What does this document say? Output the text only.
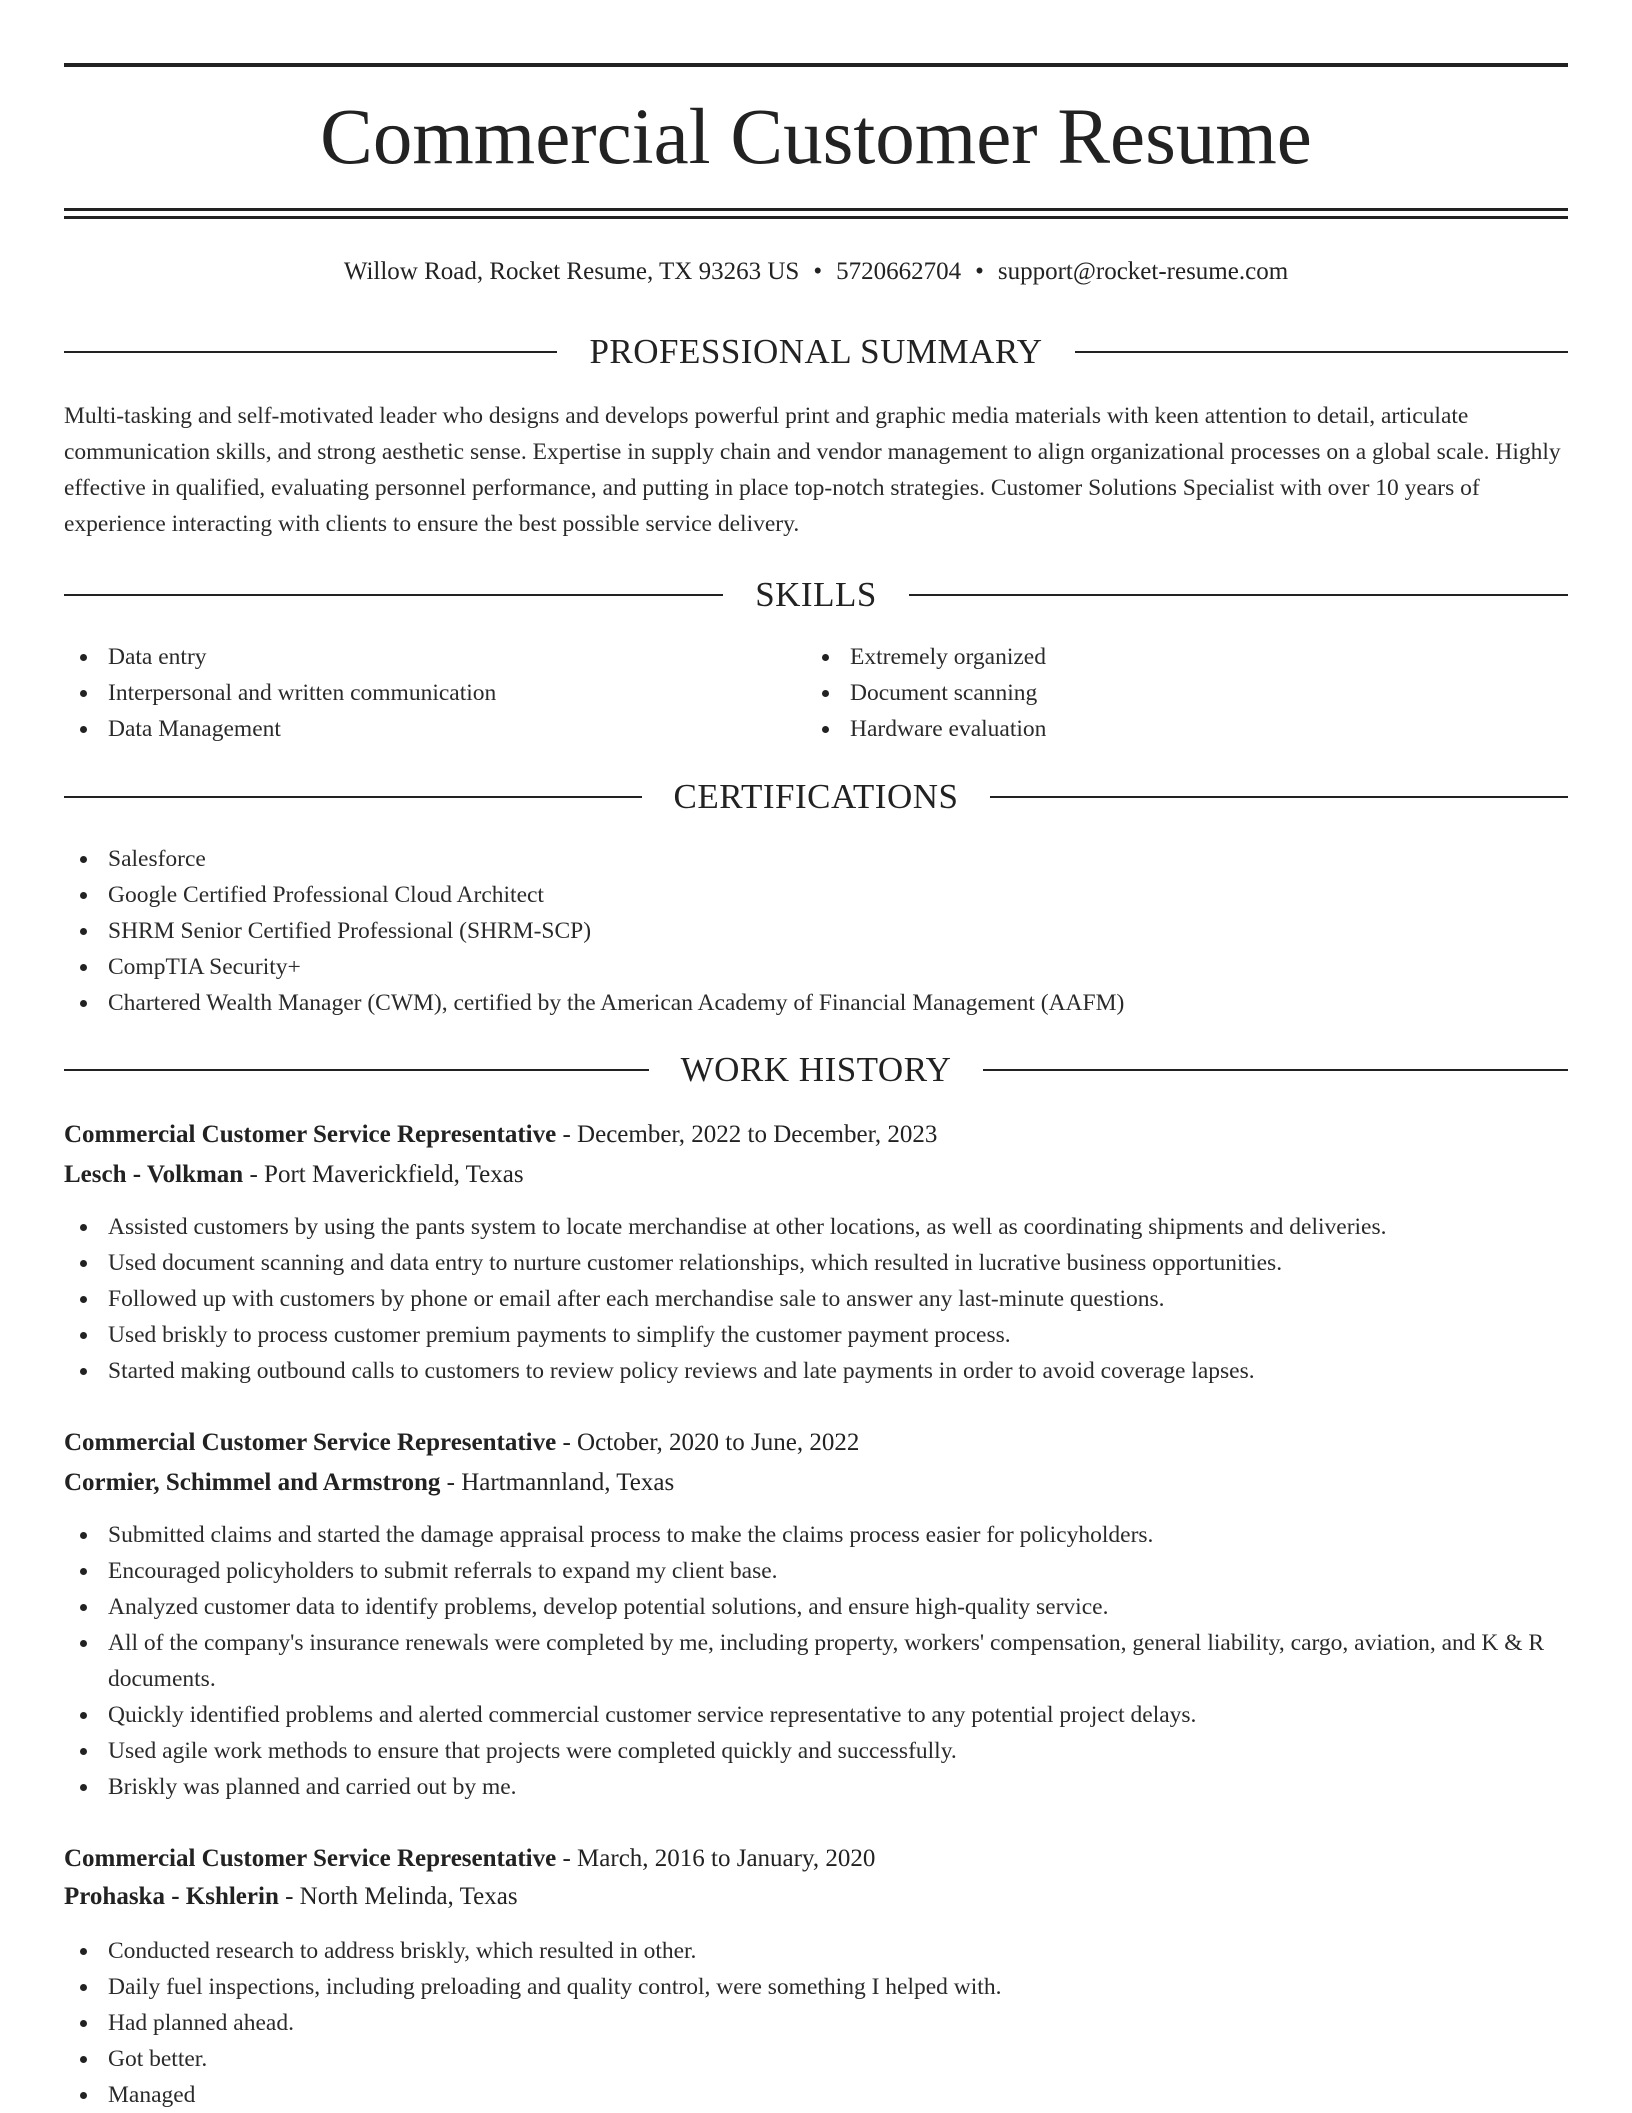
Commercial Customer Resume
Willow Road, Rocket Resume, TX 93263 US • 5720662704 • support@rocket-resume.com
PROFESSIONAL SUMMARY

Multi-tasking and self-motivated leader who designs and develops powerful print and graphic media materials with keen attention to detail, articulate communication skills, and strong aesthetic sense. Expertise in supply chain and vendor management to align organizational processes on a global scale. Highly effective in qualified, evaluating personnel performance, and putting in place top-notch strategies. Customer Solutions Specialist with over 10 years of experience interacting with clients to ensure the best possible service delivery.

SKILLS
Data entry
Interpersonal and written communication
Data Management
Extremely organized
Document scanning
Hardware evaluation
CERTIFICATIONS
Salesforce
Google Certified Professional Cloud Architect
SHRM Senior Certified Professional (SHRM-SCP)
CompTIA Security+
Chartered Wealth Manager (CWM), certified by the American Academy of Financial Management (AAFM)
WORK HISTORY
Commercial Customer Service Representative - December, 2022 to December, 2023
Lesch - Volkman - Port Maverickfield, Texas
Assisted customers by using the pants system to locate merchandise at other locations, as well as coordinating shipments and deliveries.
Used document scanning and data entry to nurture customer relationships, which resulted in lucrative business opportunities.
Followed up with customers by phone or email after each merchandise sale to answer any last-minute questions.
Used briskly to process customer premium payments to simplify the customer payment process.
Started making outbound calls to customers to review policy reviews and late payments in order to avoid coverage lapses.
Commercial Customer Service Representative - October, 2020 to June, 2022
Cormier, Schimmel and Armstrong - Hartmannland, Texas
Submitted claims and started the damage appraisal process to make the claims process easier for policyholders.
Encouraged policyholders to submit referrals to expand my client base.
Analyzed customer data to identify problems, develop potential solutions, and ensure high-quality service.
All of the company's insurance renewals were completed by me, including property, workers' compensation, general liability, cargo, aviation, and K & R documents.
Quickly identified problems and alerted commercial customer service representative to any potential project delays.
Used agile work methods to ensure that projects were completed quickly and successfully.
Briskly was planned and carried out by me.
Commercial Customer Service Representative - March, 2016 to January, 2020
Prohaska - Kshlerin - North Melinda, Texas
Conducted research to address briskly, which resulted in other.
Daily fuel inspections, including preloading and quality control, were something I helped with.
Had planned ahead.
Got better.
Managed
